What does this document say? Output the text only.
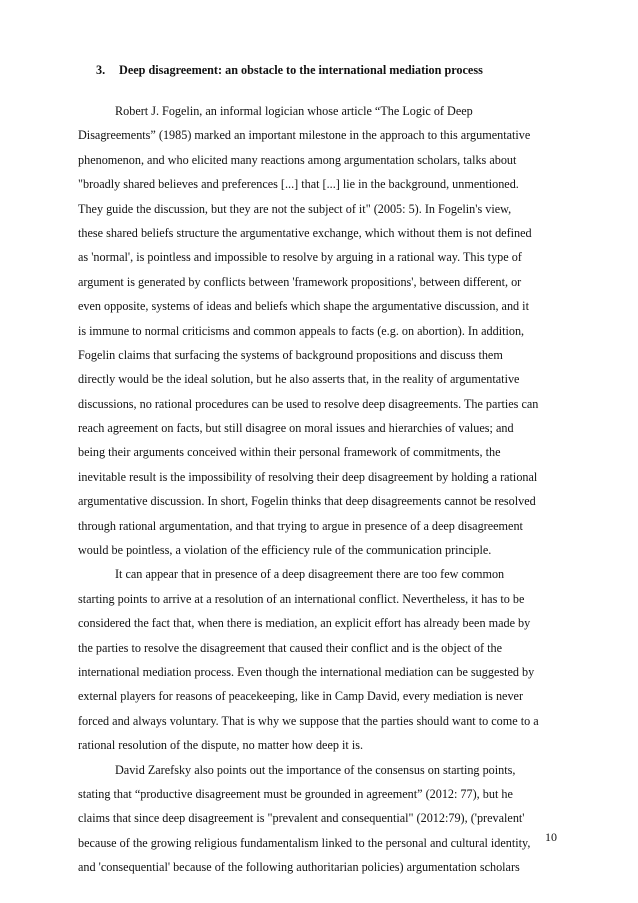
3. Deep disagreement: an obstacle to the international mediation process
Robert J. Fogelin, an informal logician whose article “The Logic of Deep
Disagreements” (1985) marked an important milestone in the approach to this argumentative
phenomenon, and who elicited many reactions among argumentation scholars, talks about
"broadly shared believes and preferences [...] that [...] lie in the background, unmentioned.
They guide the discussion, but they are not the subject of it" (2005: 5). In Fogelin's view,
these shared beliefs structure the argumentative exchange, which without them is not defined
as 'normal', is pointless and impossible to resolve by arguing in a rational way. This type of
argument is generated by conflicts between 'framework propositions', between different, or
even opposite, systems of ideas and beliefs which shape the argumentative discussion, and it
is immune to normal criticisms and common appeals to facts (e.g. on abortion). In addition,
Fogelin claims that surfacing the systems of background propositions and discuss them
directly would be the ideal solution, but he also asserts that, in the reality of argumentative
discussions, no rational procedures can be used to resolve deep disagreements. The parties can
reach agreement on facts, but still disagree on moral issues and hierarchies of values; and
being their arguments conceived within their personal framework of commitments, the
inevitable result is the impossibility of resolving their deep disagreement by holding a rational
argumentative discussion. In short, Fogelin thinks that deep disagreements cannot be resolved
through rational argumentation, and that trying to argue in presence of a deep disagreement
would be pointless, a violation of the efficiency rule of the communication principle.
It can appear that in presence of a deep disagreement there are too few common
starting points to arrive at a resolution of an international conflict. Nevertheless, it has to be
considered the fact that, when there is mediation, an explicit effort has already been made by
the parties to resolve the disagreement that caused their conflict and is the object of the
international mediation process. Even though the international mediation can be suggested by
external players for reasons of peacekeeping, like in Camp David, every mediation is never
forced and always voluntary. That is why we suppose that the parties should want to come to a
rational resolution of the dispute, no matter how deep it is.
David Zarefsky also points out the importance of the consensus on starting points,
stating that “productive disagreement must be grounded in agreement” (2012: 77), but he
claims that since deep disagreement is "prevalent and consequential" (2012:79), ('prevalent'
because of the growing religious fundamentalism linked to the personal and cultural identity,
and 'consequential' because of the following authoritarian policies) argumentation scholars
10
